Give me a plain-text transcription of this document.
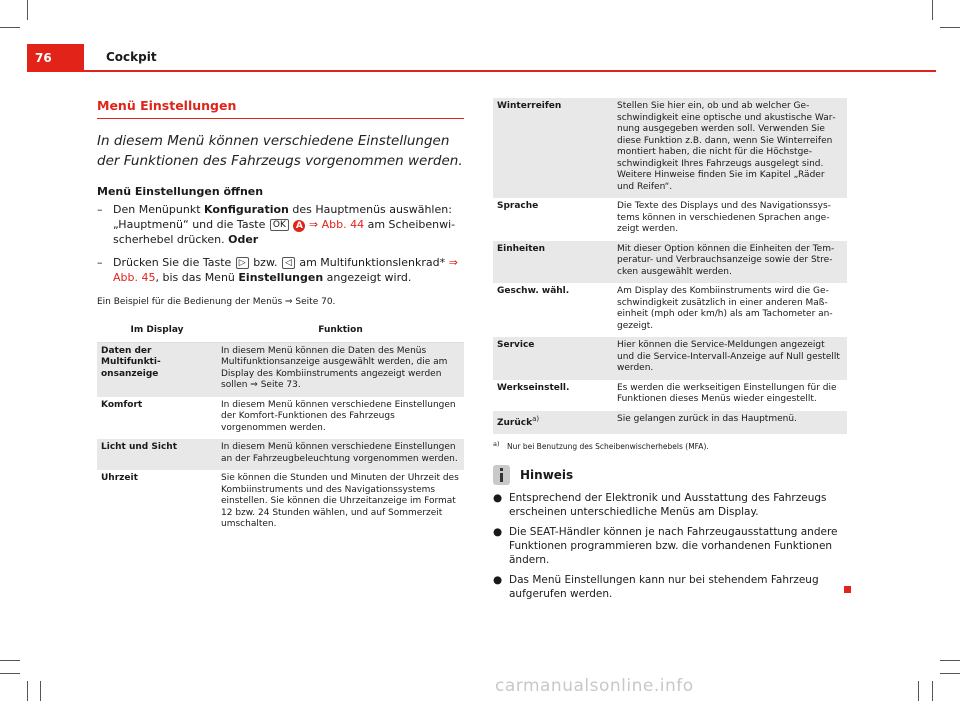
76	Cockpit
Menü Einstellungen

In diesem Menü können verschiedene Einstellungen der Funktionen des Fahrzeugs vorgenommen werden.

Menü Einstellungen öffnen
– Den Menüpunkt Konfiguration des Hauptmenüs auswählen: „Hauptmenü“ und die Taste OK A ⇒ Abb. 44 am Scheibenwischerhebel drücken. Oder
– Drücken Sie die Taste ▷ bzw. ◁ am Multifunktionslenkrad* ⇒ Abb. 45, bis das Menü Einstellungen angezeigt wird.
Ein Beispiel für die Bedienung der Menüs ⇒ Seite 70.
Im Display	Funktion
Daten der Multifunktionsanzeige	In diesem Menü können die Daten des Menüs Multifunktionsanzeige ausgewählt werden, die am Display des Kombiinstruments angezeigt werden sollen ⇒ Seite 73.
Komfort	In diesem Menü können verschiedene Einstellungen der Komfort-Funktionen des Fahrzeugs vorgenommen werden.
Licht und Sicht	In diesem Menü können verschiedene Einstellungen an der Fahrzeugbeleuchtung vorgenommen werden.
Uhrzeit	Sie können die Stunden und Minuten der Uhrzeit des Kombiinstruments und des Navigationssystems einstellen. Sie können die Uhrzeitanzeige im Format 12 bzw. 24 Stunden wählen, und auf Sommerzeit umschalten.
Winterreifen	Stellen Sie hier ein, ob und ab welcher Geschwindigkeit eine optische und akustische Warnung ausgegeben werden soll. Verwenden Sie diese Funktion z.B. dann, wenn Sie Winterreifen montiert haben, die nicht für die Höchstgeschwindigkeit Ihres Fahrzeugs ausgelegt sind. Weitere Hinweise finden Sie im Kapitel „Räder und Reifen“.
Sprache	Die Texte des Displays und des Navigationssystems können in verschiedenen Sprachen angezeigt werden.
Einheiten	Mit dieser Option können die Einheiten der Temperatur- und Verbrauchsanzeige sowie der Strecken ausgewählt werden.
Geschw. wähl.	Am Display des Kombiinstruments wird die Geschwindigkeit zusätzlich in einer anderen Maßeinheit (mph oder km/h) als am Tachometer angezeigt.
Service	Hier können die Service-Meldungen angezeigt und die Service-Intervall-Anzeige auf Null gestellt werden.
Werkseinstell.	Es werden die werkseitigen Einstellungen für die Funktionen dieses Menüs wieder eingestellt.
Zurück$^{a)}$	Sie gelangen zurück in das Hauptmenü.
a) Nur bei Benutzung des Scheibenwischerhebels (MFA).
Hinweis
● Entsprechend der Elektronik und Ausstattung des Fahrzeugs erscheinen unterschiedliche Menüs am Display.
● Die SEAT-Händler können je nach Fahrzeugausstattung andere Funktionen programmieren bzw. die vorhandenen Funktionen ändern.
● Das Menü Einstellungen kann nur bei stehendem Fahrzeug aufgerufen werden.
carmanualsonline.info
